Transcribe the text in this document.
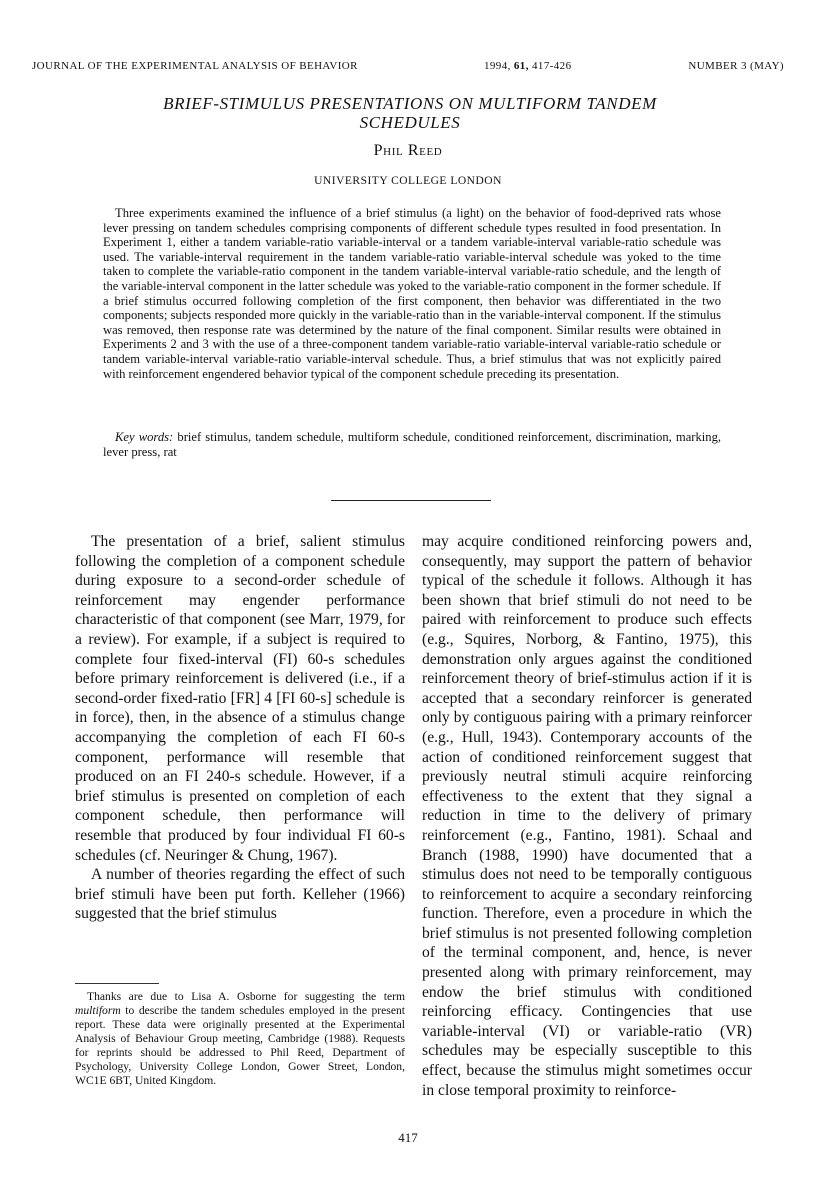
JOURNAL OF THE EXPERIMENTAL ANALYSIS OF BEHAVIOR	1994, 61, 417-426	NUMBER 3 (MAY)
BRIEF-STIMULUS PRESENTATIONS ON MULTIFORM TANDEM SCHEDULES
Phil Reed
UNIVERSITY COLLEGE LONDON

Three experiments examined the influence of a brief stimulus (a light) on the behavior of food-deprived rats whose lever pressing on tandem schedules comprising components of different schedule types resulted in food presentation. In Experiment 1, either a tandem variable-ratio variable-interval or a tandem variable-interval variable-ratio schedule was used. The variable-interval requirement in the tandem variable-ratio variable-interval schedule was yoked to the time taken to complete the variable-ratio component in the tandem variable-interval variable-ratio schedule, and the length of the variable-interval component in the latter schedule was yoked to the variable-ratio component in the former schedule. If a brief stimulus occurred following completion of the first component, then behavior was differentiated in the two components; subjects responded more quickly in the variable-ratio than in the variable-interval component. If the stimulus was removed, then response rate was determined by the nature of the final component. Similar results were obtained in Experiments 2 and 3 with the use of a three-component tandem variable-ratio variable-interval variable-ratio schedule or tandem variable-interval variable-ratio variable-interval schedule. Thus, a brief stimulus that was not explicitly paired with reinforcement engendered behavior typical of the component schedule preceding its presentation.

Key words: brief stimulus, tandem schedule, multiform schedule, conditioned reinforcement, discrimination, marking, lever press, rat

The presentation of a brief, salient stimulus following the completion of a component schedule during exposure to a second-order schedule of reinforcement may engender performance characteristic of that component (see Marr, 1979, for a review). For example, if a subject is required to complete four fixed-interval (FI) 60-s schedules before primary reinforcement is delivered (i.e., if a second-order fixed-ratio [FR] 4 [FI 60-s] schedule is in force), then, in the absence of a stimulus change accompanying the completion of each FI 60-s component, performance will resemble that produced on an FI 240-s schedule. However, if a brief stimulus is presented on completion of each component schedule, then performance will resemble that produced by four individual FI 60-s schedules (cf. Neuringer & Chung, 1967).

A number of theories regarding the effect of such brief stimuli have been put forth. Kelleher (1966) suggested that the brief stimulus

may acquire conditioned reinforcing powers and, consequently, may support the pattern of behavior typical of the schedule it follows. Although it has been shown that brief stimuli do not need to be paired with reinforcement to produce such effects (e.g., Squires, Norborg, & Fantino, 1975), this demonstration only argues against the conditioned reinforcement theory of brief-stimulus action if it is accepted that a secondary reinforcer is generated only by contiguous pairing with a primary reinforcer (e.g., Hull, 1943). Contemporary accounts of the action of conditioned reinforcement suggest that previously neutral stimuli acquire reinforcing effectiveness to the extent that they signal a reduction in time to the delivery of primary reinforcement (e.g., Fantino, 1981). Schaal and Branch (1988, 1990) have documented that a stimulus does not need to be temporally contiguous to reinforcement to acquire a secondary reinforcing function. Therefore, even a procedure in which the brief stimulus is not presented following completion of the terminal component, and, hence, is never presented along with primary reinforcement, may endow the brief stimulus with conditioned reinforcing efficacy. Contingencies that use variable-interval (VI) or variable-ratio (VR) schedules may be especially susceptible to this effect, because the stimulus might sometimes occur in close temporal proximity to reinforce-

Thanks are due to Lisa A. Osborne for suggesting the term multiform to describe the tandem schedules employed in the present report. These data were originally presented at the Experimental Analysis of Behaviour Group meeting, Cambridge (1988). Requests for reprints should be addressed to Phil Reed, Department of Psychology, University College London, Gower Street, London, WC1E 6BT, United Kingdom.

417
